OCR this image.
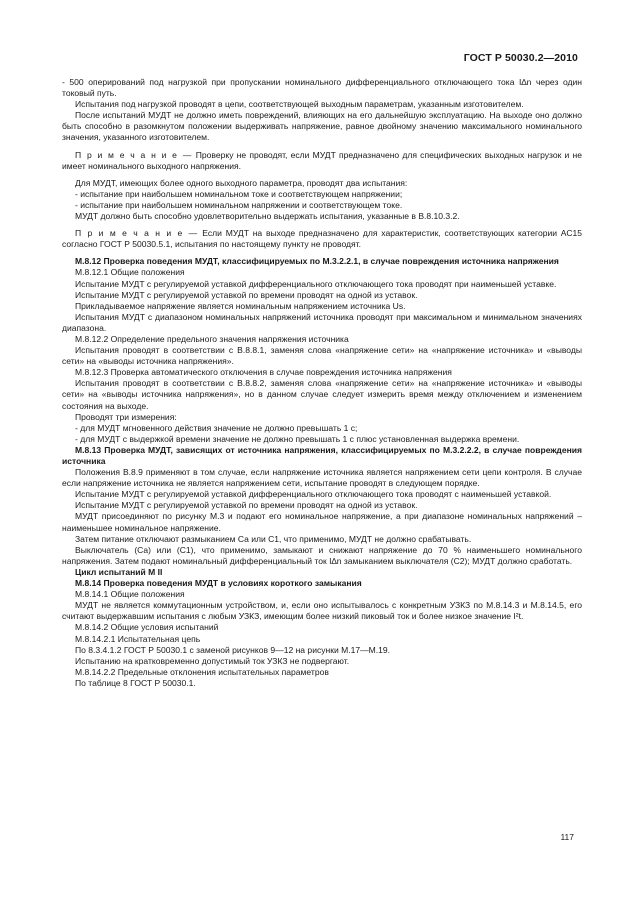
ГОСТ Р 50030.2—2010

- 500 оперирований под нагрузкой при пропускании номинального дифференциального отключающего тока I∆n через один токовый путь.

Испытания под нагрузкой проводят в цепи, соответствующей выходным параметрам, указанным изготовителем.

После испытаний МУДТ не должно иметь повреждений, влияющих на его дальнейшую эксплуатацию. На выходе оно должно быть способно в разомкнутом положении выдерживать напряжение, равное двойному значению максимального номинального значения, указанного изготовителем.

П р и м е ч а н и е — Проверку не проводят, если МУДТ предназначено для специфических выходных нагрузок и не имеет номинального выходного напряжения.

Для МУДТ, имеющих более одного выходного параметра, проводят два испытания:

- испытание при наибольшем номинальном токе и соответствующем напряжении;

- испытание при наибольшем номинальном напряжении и соответствующем токе.

МУДТ должно быть способно удовлетворительно выдержать испытания, указанные в В.8.10.3.2.

П р и м е ч а н и е — Если МУДТ на выходе предназначено для характеристик, соответствующих категории АС15 согласно ГОСТ Р 50030.5.1, испытания по настоящему пункту не проводят.

М.8.12 Проверка поведения МУДТ, классифицируемых по М.3.2.2.1, в случае повреждения источника напряжения

М.8.12.1 Общие положения

Испытание МУДТ с регулируемой уставкой дифференциального отключающего тока проводят при наименьшей уставке.

Испытание МУДТ с регулируемой уставкой по времени проводят на одной из уставок.

Прикладываемое напряжение является номинальным напряжением источника Us.

Испытания МУДТ с диапазоном номинальных напряжений источника проводят при максимальном и минимальном значениях диапазона.

М.8.12.2 Определение предельного значения напряжения источника

Испытания проводят в соответствии с В.8.8.1, заменяя слова «напряжение сети» на «напряжение источника» и «выводы сети» на «выводы источника напряжения».

М.8.12.3 Проверка автоматического отключения в случае повреждения источника напряжения

Испытания проводят в соответствии с В.8.8.2, заменяя слова «напряжение сети» на «напряжение источника» и «выводы сети» на «выводы источника напряжения», но в данном случае следует измерить время между отключением и изменением состояния на выходе.

Проводят три измерения:

- для МУДТ мгновенного действия значение не должно превышать 1 с;

- для МУДТ с выдержкой времени значение не должно превышать 1 с плюс установленная выдержка времени.

М.8.13 Проверка МУДТ, зависящих от источника напряжения, классифицируемых по М.3.2.2.2, в случае повреждения источника

Положения В.8.9 применяют в том случае, если напряжение источника является напряжением сети цепи контроля. В случае если напряжение источника не является напряжением сети, испытание проводят в следующем порядке.

Испытание МУДТ с регулируемой уставкой дифференциального отключающего тока проводят с наименьшей уставкой.

Испытание МУДТ с регулируемой уставкой по времени проводят на одной из уставок.

МУДТ присоединяют по рисунку М.3 и подают его номинальное напряжение, а при диапазоне номинальных напряжений – наименьшее номинальное напряжение.

Затем питание отключают размыканием Ca или C1, что применимо, МУДТ не должно срабатывать.

Выключатель (Ca) или (C1), что применимо, замыкают и снижают напряжение до 70 % наименьшего номинального напряжения. Затем подают номинальный дифференциальный ток I∆n замыканием выключателя (C2); МУДТ должно сработать.

Цикл испытаний М II

М.8.14 Проверка поведения МУДТ в условиях короткого замыкания

М.8.14.1 Общие положения

МУДТ не является коммутационным устройством, и, если оно испытывалось с конкретным УЗКЗ по М.8.14.3 и М.8.14.5, его считают выдержавшим испытания с любым УЗКЗ, имеющим более низкий пиковый ток и более низкое значение I²t.

М.8.14.2 Общие условия испытаний

М.8.14.2.1 Испытательная цепь

По 8.3.4.1.2 ГОСТ Р 50030.1 с заменой рисунков 9—12 на рисунки М.17—М.19.

Испытанию на кратковременно допустимый ток УЗКЗ не подвергают.

М.8.14.2.2 Предельные отклонения испытательных параметров

По таблице 8 ГОСТ Р 50030.1.

117
